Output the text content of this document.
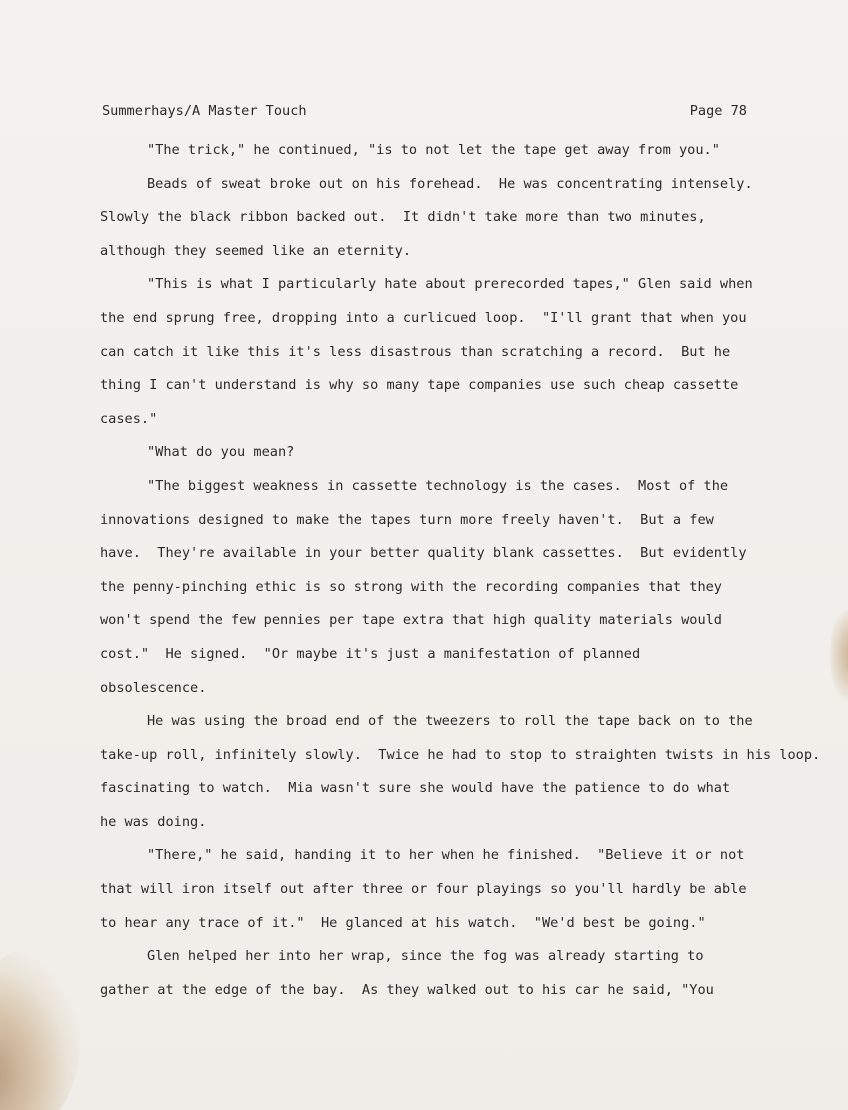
Summerhays/A Master Touch	Page 78
"The trick," he continued, "is to not let the tape get away from you."
Beads of sweat broke out on his forehead.  He was concentrating intensely.
Slowly the black ribbon backed out.  It didn't take more than two minutes,
although they seemed like an eternity.
"This is what I particularly hate about prerecorded tapes," Glen said when
the end sprung free, dropping into a curlicued loop.  "I'll grant that when you
can catch it like this it's less disastrous than scratching a record.  But he
thing I can't understand is why so many tape companies use such cheap cassette
cases."
"What do you mean?
"The biggest weakness in cassette technology is the cases.  Most of the
innovations designed to make the tapes turn more freely haven't.  But a few
have.  They're available in your better quality blank cassettes.  But evidently
the penny-pinching ethic is so strong with the recording companies that they
won't spend the few pennies per tape extra that high quality materials would
cost."  He signed.  "Or maybe it's just a manifestation of planned
obsolescence.
He was using the broad end of the tweezers to roll the tape back on to the
take-up roll, infinitely slowly.  Twice he had to stop to straighten twists in his loop.
fascinating to watch.  Mia wasn't sure she would have the patience to do what
he was doing.
"There," he said, handing it to her when he finished.  "Believe it or not
that will iron itself out after three or four playings so you'll hardly be able
to hear any trace of it."  He glanced at his watch.  "We'd best be going."
Glen helped her into her wrap, since the fog was already starting to
gather at the edge of the bay.  As they walked out to his car he said, "You
